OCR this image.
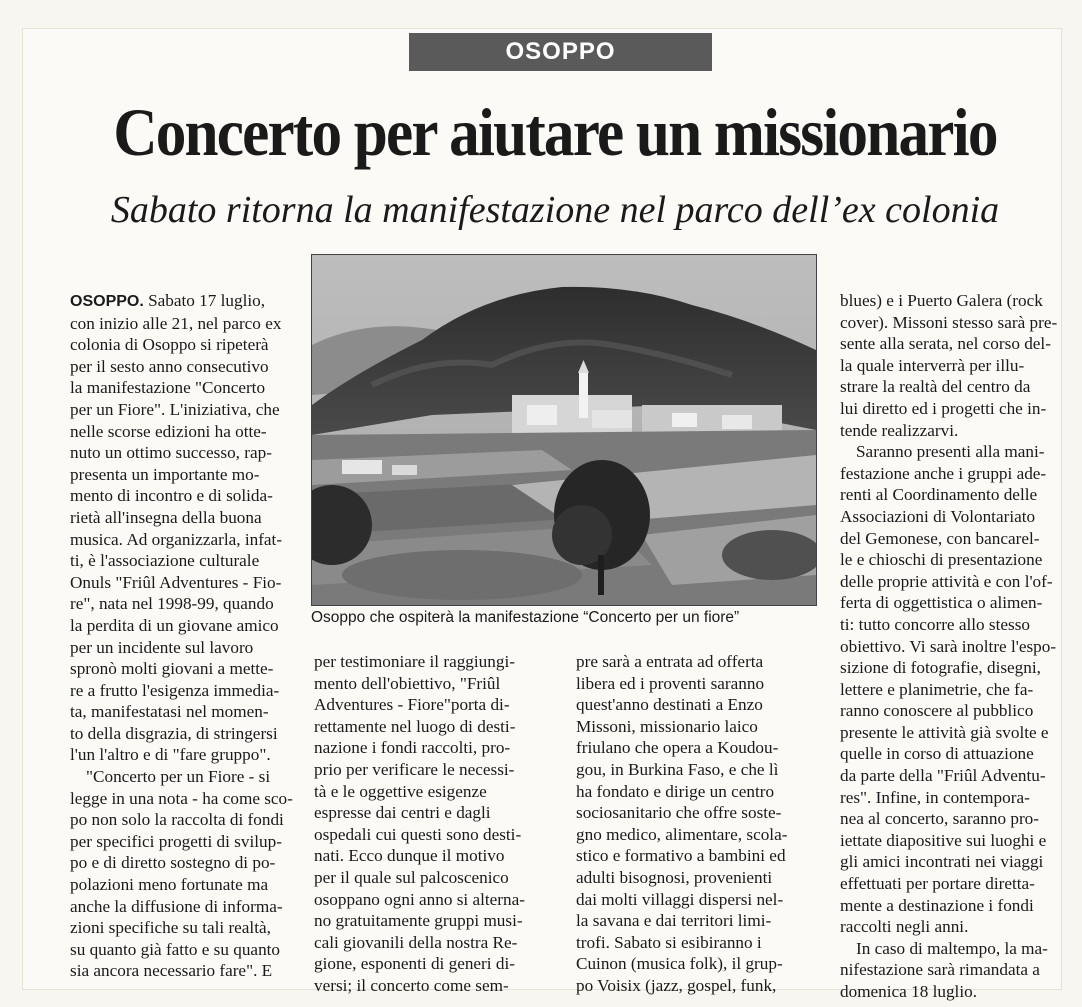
OSOPPO
Concerto per aiutare un missionario
Sabato ritorna la manifestazione nel parco dell’ex colonia
Osoppo che ospiterà la manifestazione “Concerto per un fiore”
OSOPPO. Sabato 17 luglio,
con inizio alle 21, nel parco ex
colonia di Osoppo si ripeterà
per il sesto anno consecutivo
la manifestazione "Concerto
per un Fiore". L'iniziativa, che
nelle scorse edizioni ha otte-
nuto un ottimo successo, rap-
presenta un importante mo-
mento di incontro e di solida-
rietà all'insegna della buona
musica. Ad organizzarla, infat-
ti, è l'associazione culturale
Onuls "Friûl Adventures - Fio-
re", nata nel 1998-99, quando
la perdita di un giovane amico
per un incidente sul lavoro
spronò molti giovani a mette-
re a frutto l'esigenza immedia-
ta, manifestatasi nel momen-
to della disgrazia, di stringersi
l'un l'altro e di "fare gruppo".
"Concerto per un Fiore - si
legge in una nota - ha come sco-
po non solo la raccolta di fondi
per specifici progetti di svilup-
po e di diretto sostegno di po-
polazioni meno fortunate ma
anche la diffusione di informa-
zioni specifiche su tali realtà,
su quanto già fatto e su quanto
sia ancora necessario fare". E
per testimoniare il raggiungi-
mento dell'obiettivo, "Friûl
Adventures - Fiore"porta di-
rettamente nel luogo di desti-
nazione i fondi raccolti, pro-
prio per verificare le necessi-
tà e le oggettive esigenze
espresse dai centri e dagli
ospedali cui questi sono desti-
nati. Ecco dunque il motivo
per il quale sul palcoscenico
osoppano ogni anno si alterna-
no gratuitamente gruppi musi-
cali giovanili della nostra Re-
gione, esponenti di generi di-
versi; il concerto come sem-
pre sarà a entrata ad offerta
libera ed i proventi saranno
quest'anno destinati a Enzo
Missoni, missionario laico
friulano che opera a Koudou-
gou, in Burkina Faso, e che lì
ha fondato e dirige un centro
sociosanitario che offre soste-
gno medico, alimentare, scola-
stico e formativo a bambini ed
adulti bisognosi, provenienti
dai molti villaggi dispersi nel-
la savana e dai territori limi-
trofi. Sabato si esibiranno i
Cuinon (musica folk), il grup-
po Voisix (jazz, gospel, funk,
blues) e i Puerto Galera (rock
cover). Missoni stesso sarà pre-
sente alla serata, nel corso del-
la quale interverrà per illu-
strare la realtà del centro da
lui diretto ed i progetti che in-
tende realizzarvi.
Saranno presenti alla mani-
festazione anche i gruppi ade-
renti al Coordinamento delle
Associazioni di Volontariato
del Gemonese, con bancarel-
le e chioschi di presentazione
delle proprie attività e con l'of-
ferta di oggettistica o alimen-
ti: tutto concorre allo stesso
obiettivo. Vi sarà inoltre l'espo-
sizione di fotografie, disegni,
lettere e planimetrie, che fa-
ranno conoscere al pubblico
presente le attività già svolte e
quelle in corso di attuazione
da parte della "Friûl Adventu-
res". Infine, in contempora-
nea al concerto, saranno pro-
iettate diapositive sui luoghi e
gli amici incontrati nei viaggi
effettuati per portare diretta-
mente a destinazione i fondi
raccolti negli anni.
In caso di maltempo, la ma-
nifestazione sarà rimandata a
domenica 18 luglio.
